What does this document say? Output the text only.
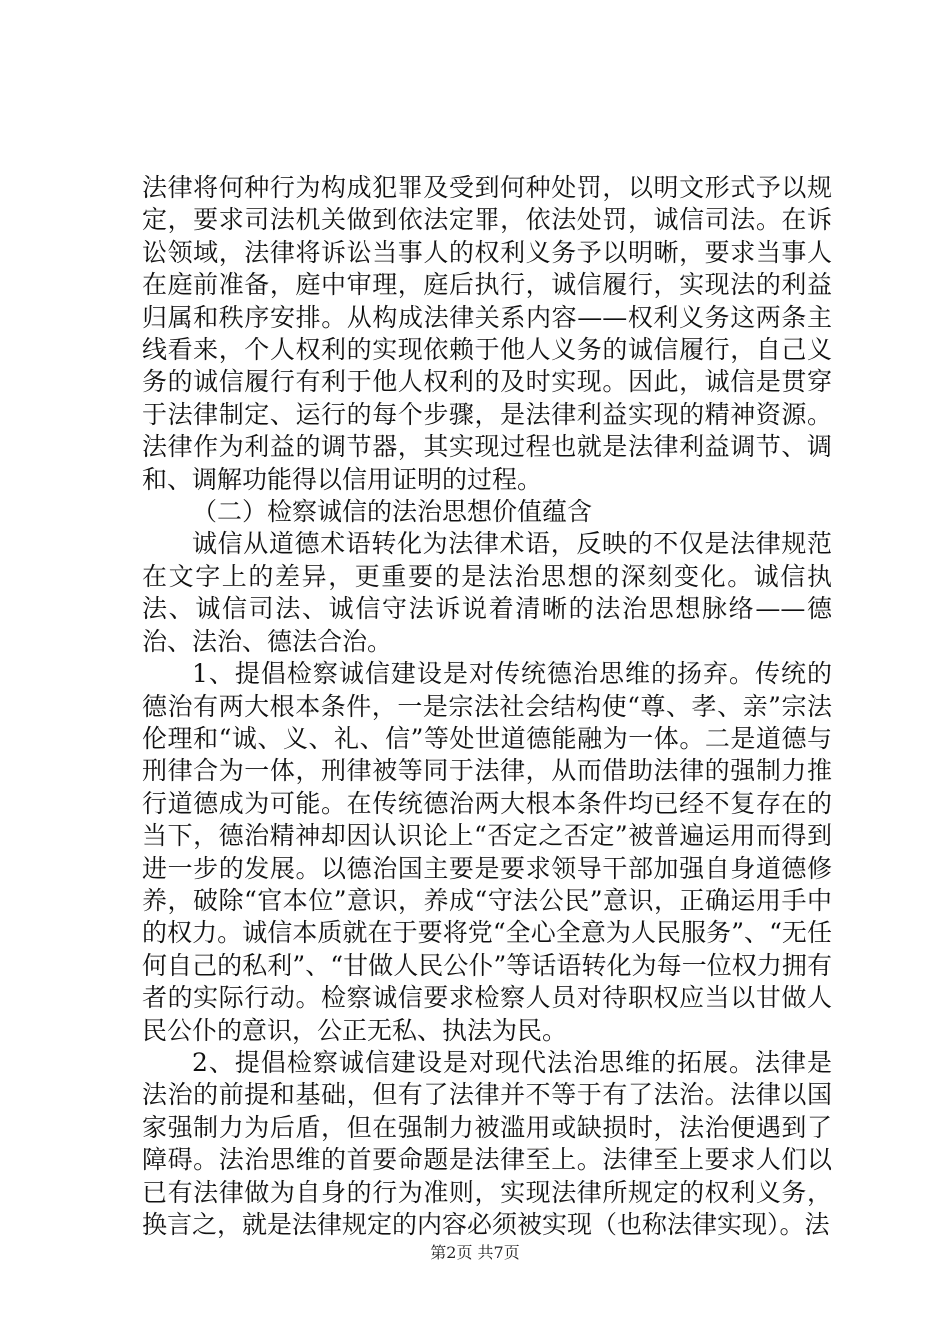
法律将何种行为构成犯罪及受到何种处罚，以明文形式予以规定，要求司法机关做到依法定罪，依法处罚，诚信司法。在诉讼领域，法律将诉讼当事人的权利义务予以明晰，要求当事人在庭前准备，庭中审理，庭后执行，诚信履行，实现法的利益归属和秩序安排。从构成法律关系内容——权利义务这两条主线看来，个人权利的实现依赖于他人义务的诚信履行，自己义务的诚信履行有利于他人权利的及时实现。因此，诚信是贯穿于法律制定、运行的每个步骤，是法律利益实现的精神资源。法律作为利益的调节器，其实现过程也就是法律利益调节、调和、调解功能得以信用证明的过程。

（二）检察诚信的法治思想价值蕴含

诚信从道德术语转化为法律术语，反映的不仅是法律规范在文字上的差异，更重要的是法治思想的深刻变化。诚信执法、诚信司法、诚信守法诉说着清晰的法治思想脉络——德治、法治、德法合治。

1、提倡检察诚信建设是对传统德治思维的扬弃。传统的德治有两大根本条件，一是宗法社会结构使“尊、孝、亲”宗法伦理和“诚、义、礼、信”等处世道德能融为一体。二是道德与刑律合为一体，刑律被等同于法律，从而借助法律的强制力推行道德成为可能。在传统德治两大根本条件均已经不复存在的当下，德治精神却因认识论上“否定之否定”被普遍运用而得到进一步的发展。以德治国主要是要求领导干部加强自身道德修养，破除“官本位”意识，养成“守法公民”意识，正确运用手中的权力。诚信本质就在于要将党“全心全意为人民服务”、“无任何自己的私利”、“甘做人民公仆”等话语转化为每一位权力拥有者的实际行动。检察诚信要求检察人员对待职权应当以甘做人民公仆的意识，公正无私、执法为民。

2、提倡检察诚信建设是对现代法治思维的拓展。法律是法治的前提和基础，但有了法律并不等于有了法治。法律以国家强制力为后盾，但在强制力被滥用或缺损时，法治便遇到了障碍。法治思维的首要命题是法律至上。法律至上要求人们以已有法律做为自身的行为准则，实现法律所规定的权利义务，换言之，就是法律规定的内容必须被实现（也称法律实现）。法

第2页 共7页
